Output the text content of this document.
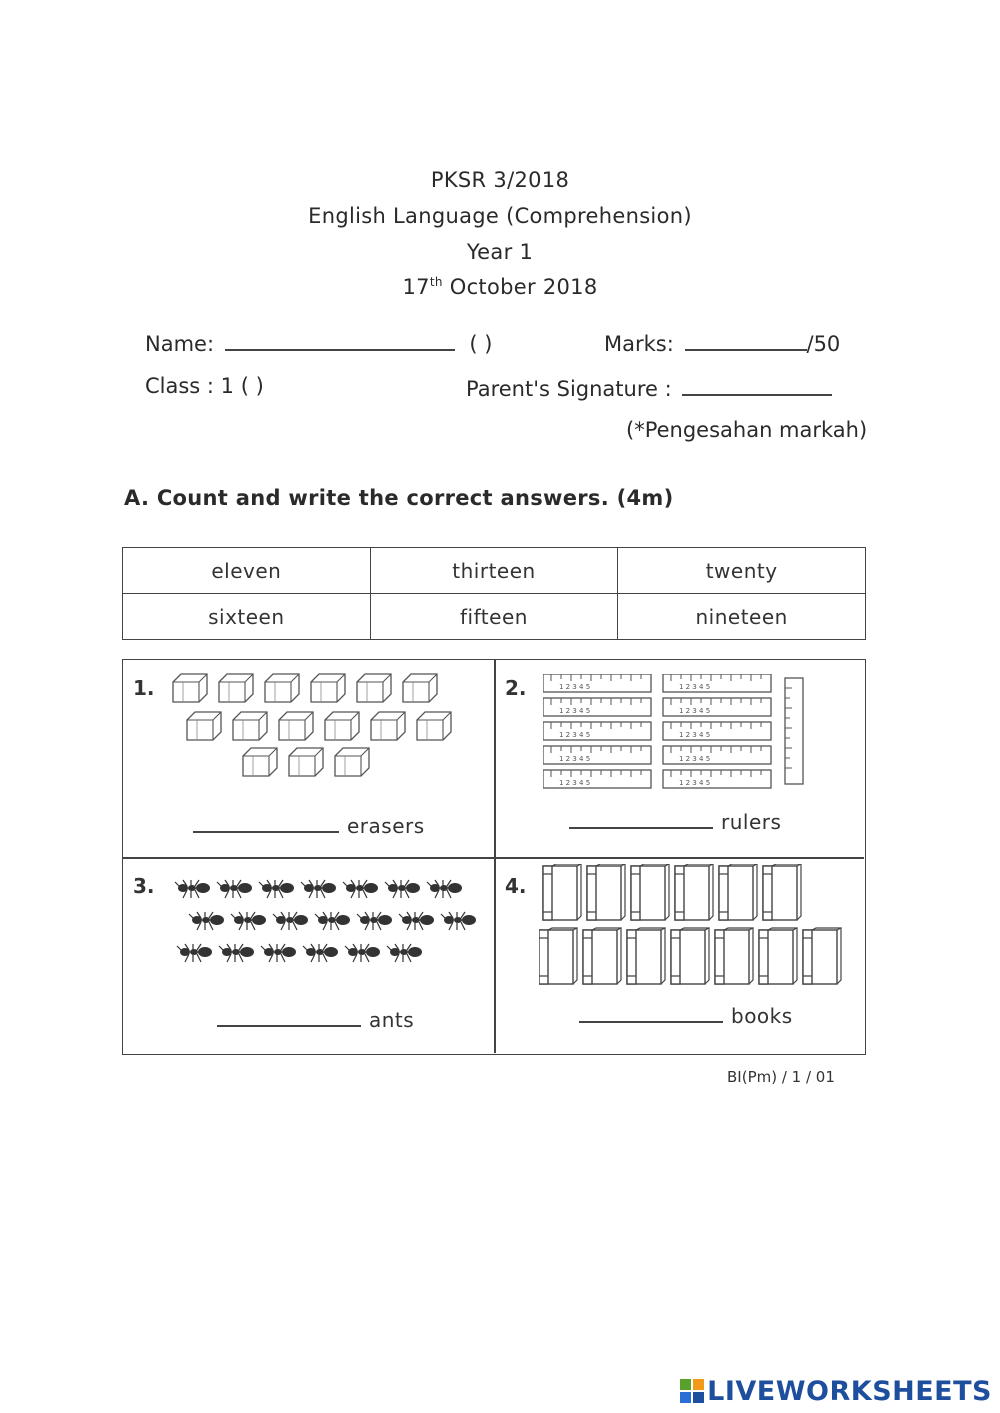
PKSR 3/2018
English Language (Comprehension)
Year 1
17th October 2018
Name:	( )	Marks:	/50
Class : 1 ( )	Parent's Signature :
(*Pengesahan markah)
A. Count and write the correct answers. (4m)
eleven	thirteen	twenty
sixteen	fifteen	nineteen
1.
erasers
2.
rulers
3.
ants
4.
books
BI(Pm) / 1 / 01
LIVEWORKSHEETS
